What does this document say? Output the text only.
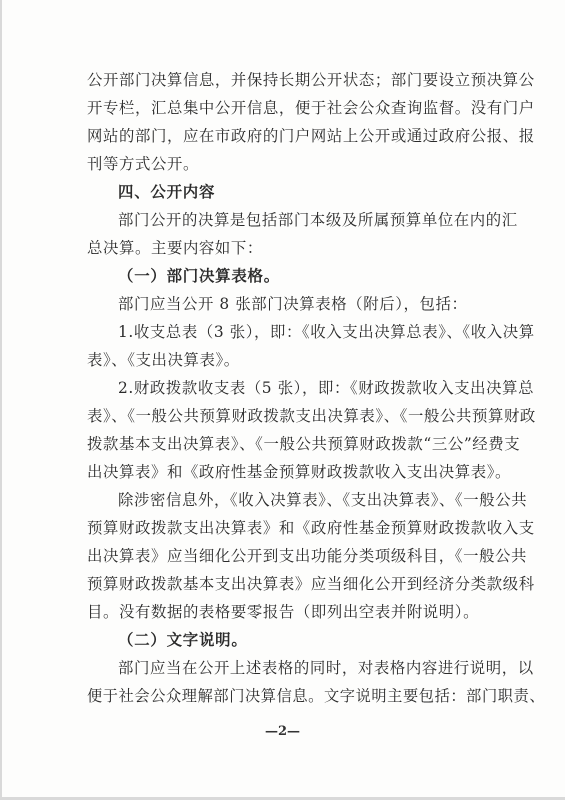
公开部门决算信息，并保持长期公开状态；部门要设立预决算公
开专栏，汇总集中公开信息，便于社会公众查询监督。没有门户
网站的部门，应在市政府的门户网站上公开或通过政府公报、报
刊等方式公开。
四、公开内容
部门公开的决算是包括部门本级及所属预算单位在内的汇
总决算。主要内容如下：
（一）部门决算表格。
部门应当公开 8 张部门决算表格（附后），包括：
1.收支总表（3 张），即：《收入支出决算总表》、《收入决算
表》、《支出决算表》。
2.财政拨款收支表（5 张），即：《财政拨款收入支出决算总
表》、《一般公共预算财政拨款支出决算表》、《一般公共预算财政
拨款基本支出决算表》、《一般公共预算财政拨款“三公”经费支
出决算表》和《政府性基金预算财政拨款收入支出决算表》。
除涉密信息外，《收入决算表》、《支出决算表》、《一般公共
预算财政拨款支出决算表》和《政府性基金预算财政拨款收入支
出决算表》应当细化公开到支出功能分类项级科目，《一般公共
预算财政拨款基本支出决算表》应当细化公开到经济分类款级科
目。没有数据的表格要零报告（即列出空表并附说明）。
（二）文字说明。
部门应当在公开上述表格的同时，对表格内容进行说明，以
便于社会公众理解部门决算信息。文字说明主要包括：部门职责、
—2—
